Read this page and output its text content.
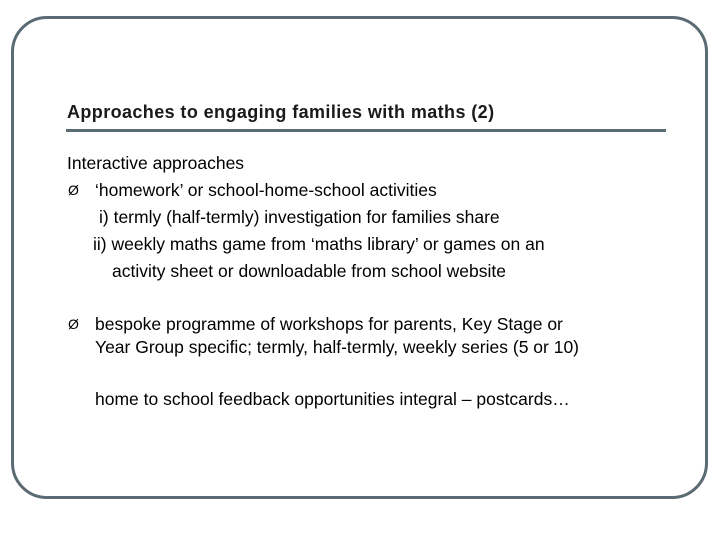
Approaches to engaging families with maths (2)

Interactive approaches

Ø ‘homework’ or school-home-school activities

i) termly (half-termly) investigation for families share

ii) weekly maths game from ‘maths library’ or games on an

activity sheet or downloadable from school website

Ø bespoke programme of workshops for parents, Key Stage or

Year Group specific; termly, half-termly, weekly series (5 or 10)

home to school feedback opportunities integral – postcards…
